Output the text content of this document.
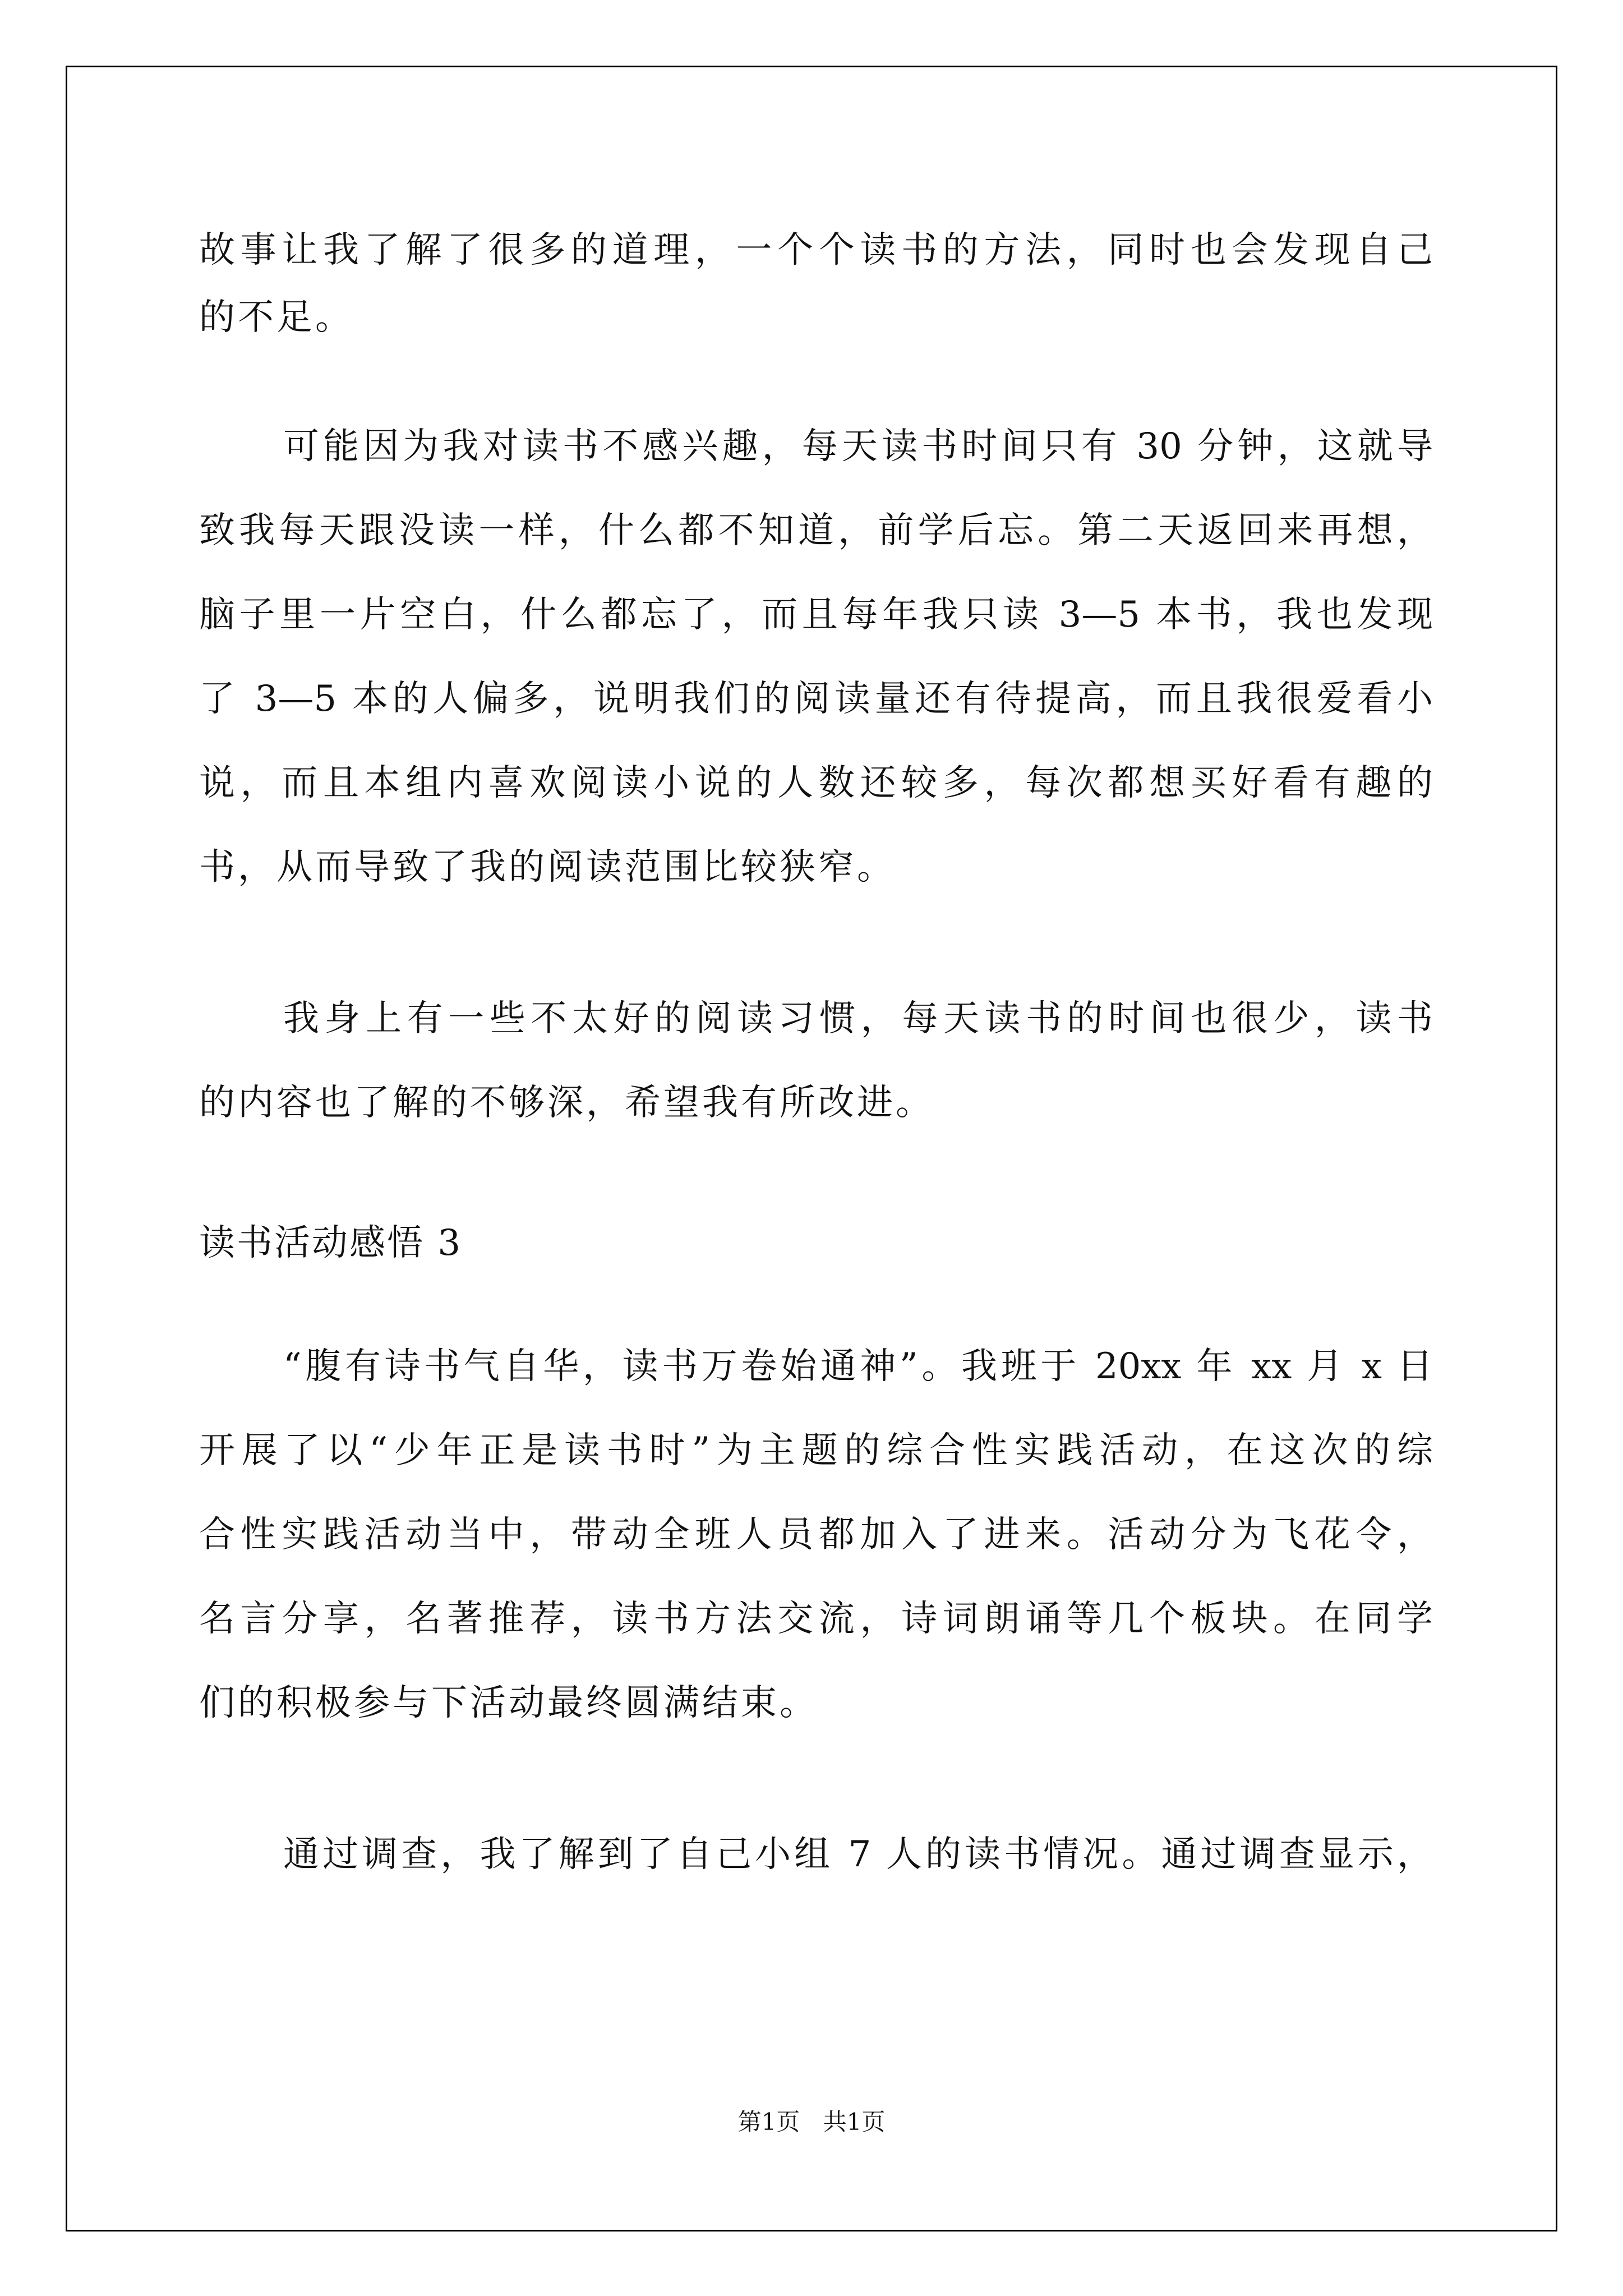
故事让我了解了很多的道理，一个个读书的方法，同时也会发现自己
的不足。
可能因为我对读书不感兴趣，每天读书时间只有 30 分钟，这就导
致我每天跟没读一样，什么都不知道，前学后忘。第二天返回来再想，
脑子里一片空白，什么都忘了，而且每年我只读 3—5 本书，我也发现
了 3—5 本的人偏多，说明我们的阅读量还有待提高，而且我很爱看小
说，而且本组内喜欢阅读小说的人数还较多，每次都想买好看有趣的
书，从而导致了我的阅读范围比较狭窄。
我身上有一些不太好的阅读习惯，每天读书的时间也很少，读书
的内容也了解的不够深，希望我有所改进。
读书活动感悟 3
“腹有诗书气自华，读书万卷始通神”。我班于 20xx 年 xx 月 x 日
开展了以“少年正是读书时”为主题的综合性实践活动，在这次的综
合性实践活动当中，带动全班人员都加入了进来。活动分为飞花令，
名言分享，名著推荐，读书方法交流，诗词朗诵等几个板块。在同学
们的积极参与下活动最终圆满结束。
通过调查，我了解到了自己小组 7 人的读书情况。通过调查显示，
第1页 共1页
